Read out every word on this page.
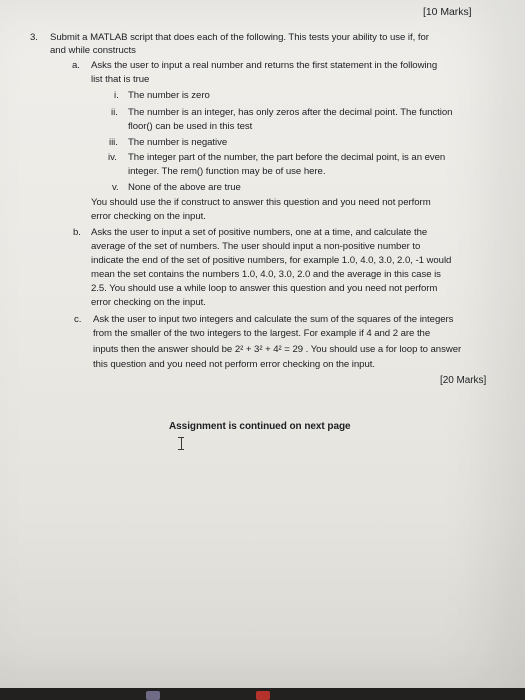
[10 Marks]
3. Submit a MATLAB script that does each of the following. This tests your ability to use if, for
and while constructs
a. Asks the user to input a real number and returns the first statement in the following
list that is true
i. The number is zero
ii. The number is an integer, has only zeros after the decimal point. The function
floor() can be used in this test
iii. The number is negative
iv. The integer part of the number, the part before the decimal point, is an even
integer. The rem() function may be of use here.
v. None of the above are true
You should use the if construct to answer this question and you need not perform
error checking on the input.
b. Asks the user to input a set of positive numbers, one at a time, and calculate the
average of the set of numbers. The user should input a non-positive number to
indicate the end of the set of positive numbers, for example 1.0, 4.0, 3.0, 2.0, -1 would
mean the set contains the numbers 1.0, 4.0, 3.0, 2.0 and the average in this case is
2.5. You should use a while loop to answer this question and you need not perform
error checking on the input.
c. Ask the user to input two integers and calculate the sum of the squares of the integers
from the smaller of the two integers to the largest. For example if 4 and 2 are the
inputs then the answer should be 2² + 3² + 4² = 29 . You should use a for loop to answer
this question and you need not perform error checking on the input.
[20 Marks]
Assignment is continued on next page
